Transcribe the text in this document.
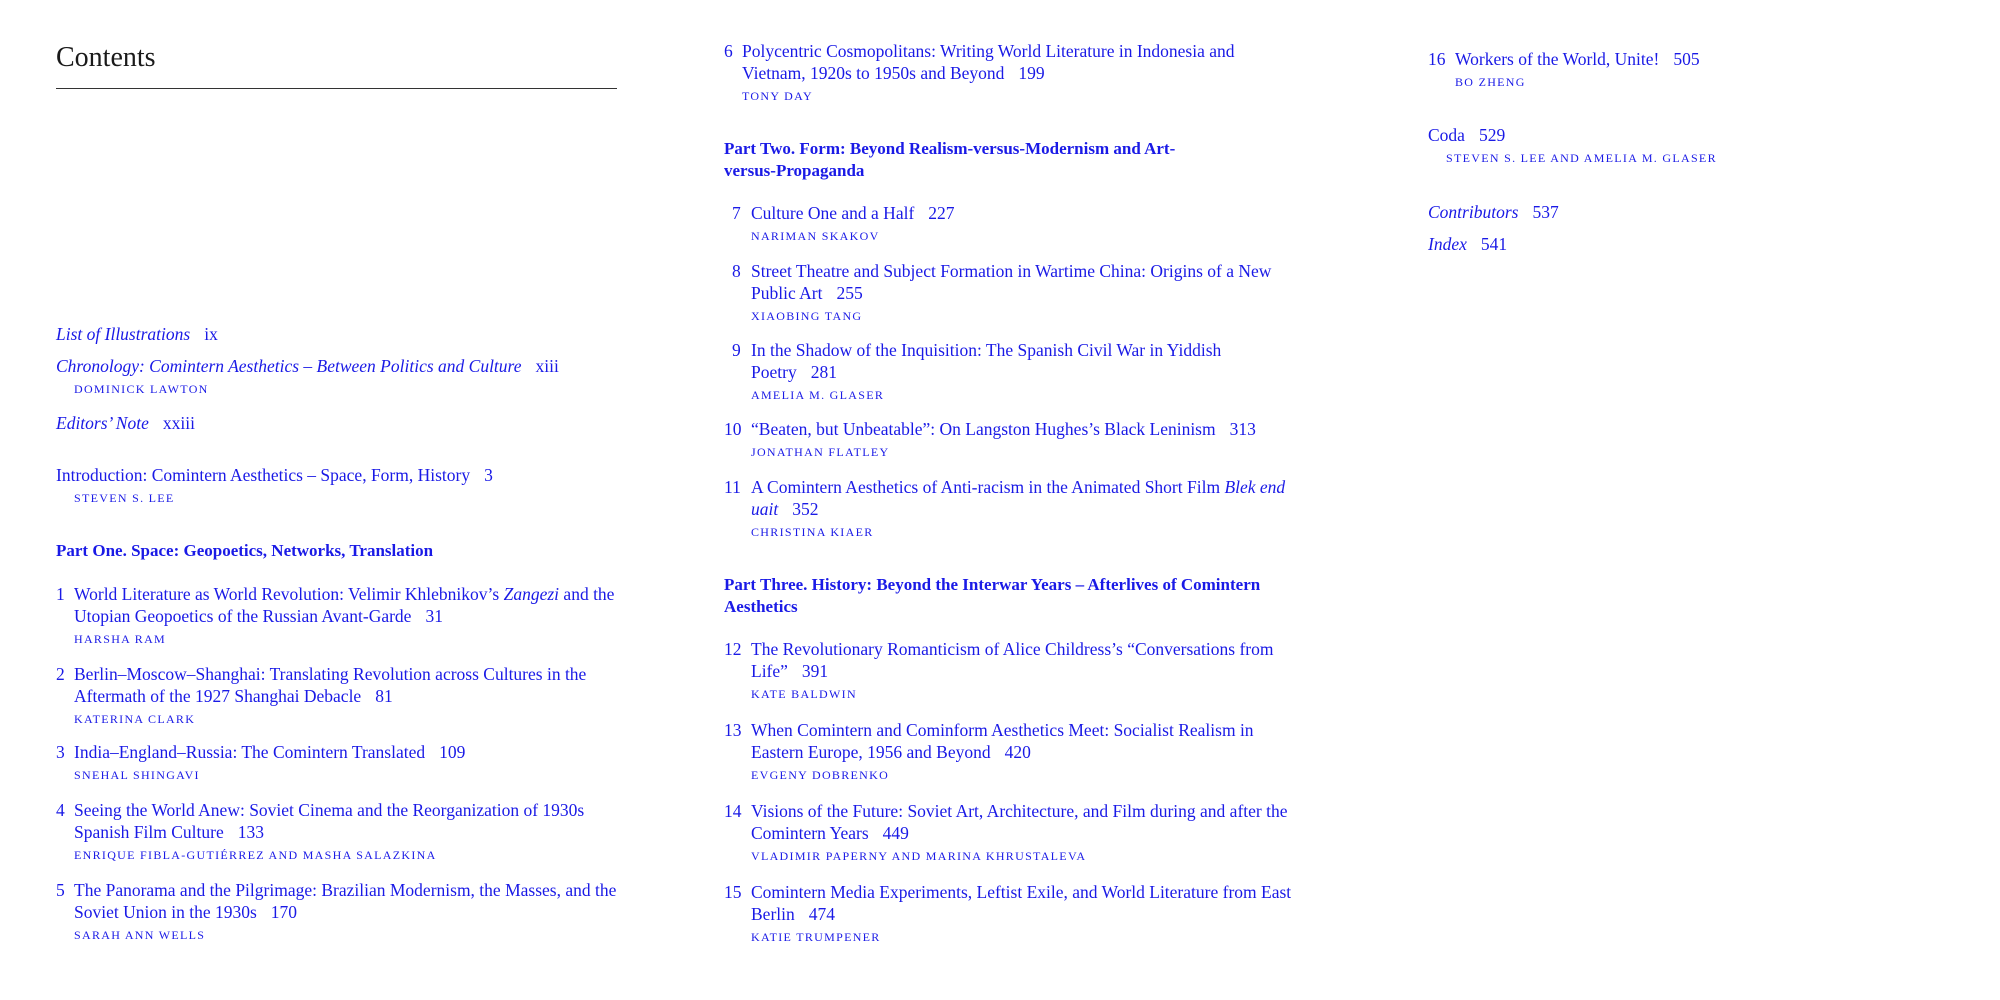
Contents
List of Illustrations ix
Chronology: Comintern Aesthetics – Between Politics and Culture xiii
DOMINICK LAWTON
Editors’ Note xxiii
Introduction: Comintern Aesthetics – Space, Form, History 3
STEVEN S. LEE
Part One. Space: Geopoetics, Networks, Translation
1 World Literature as World Revolution: Velimir Khlebnikov’s Zangezi and the Utopian Geopoetics of the Russian Avant-Garde 31
HARSHA RAM
2 Berlin–Moscow–Shanghai: Translating Revolution across Cultures in the Aftermath of the 1927 Shanghai Debacle 81
KATERINA CLARK
3 India–England–Russia: The Comintern Translated 109
SNEHAL SHINGAVI
4 Seeing the World Anew: Soviet Cinema and the Reorganization of 1930s Spanish Film Culture 133
ENRIQUE FIBLA-GUTIÉRREZ AND MASHA SALAZKINA
5 The Panorama and the Pilgrimage: Brazilian Modernism, the Masses, and the Soviet Union in the 1930s 170
SARAH ANN WELLS
6 Polycentric Cosmopolitans: Writing World Literature in Indonesia and Vietnam, 1920s to 1950s and Beyond 199
TONY DAY
Part Two. Form: Beyond Realism-versus-Modernism and Art-versus-Propaganda
7 Culture One and a Half 227
NARIMAN SKAKOV
8 Street Theatre and Subject Formation in Wartime China: Origins of a New Public Art 255
XIAOBING TANG
9 In the Shadow of the Inquisition: The Spanish Civil War in Yiddish Poetry 281
AMELIA M. GLASER
10 “Beaten, but Unbeatable”: On Langston Hughes’s Black Leninism 313
JONATHAN FLATLEY
11 A Comintern Aesthetics of Anti-racism in the Animated Short Film Blek end uait 352
CHRISTINA KIAER
Part Three. History: Beyond the Interwar Years – Afterlives of Comintern Aesthetics
12 The Revolutionary Romanticism of Alice Childress’s “Conversations from Life” 391
KATE BALDWIN
13 When Comintern and Cominform Aesthetics Meet: Socialist Realism in Eastern Europe, 1956 and Beyond 420
EVGENY DOBRENKO
14 Visions of the Future: Soviet Art, Architecture, and Film during and after the Comintern Years 449
VLADIMIR PAPERNY AND MARINA KHRUSTALEVA
15 Comintern Media Experiments, Leftist Exile, and World Literature from East Berlin 474
KATIE TRUMPENER
16 Workers of the World, Unite! 505
BO ZHENG
Coda 529
STEVEN S. LEE AND AMELIA M. GLASER
Contributors 537
Index 541
